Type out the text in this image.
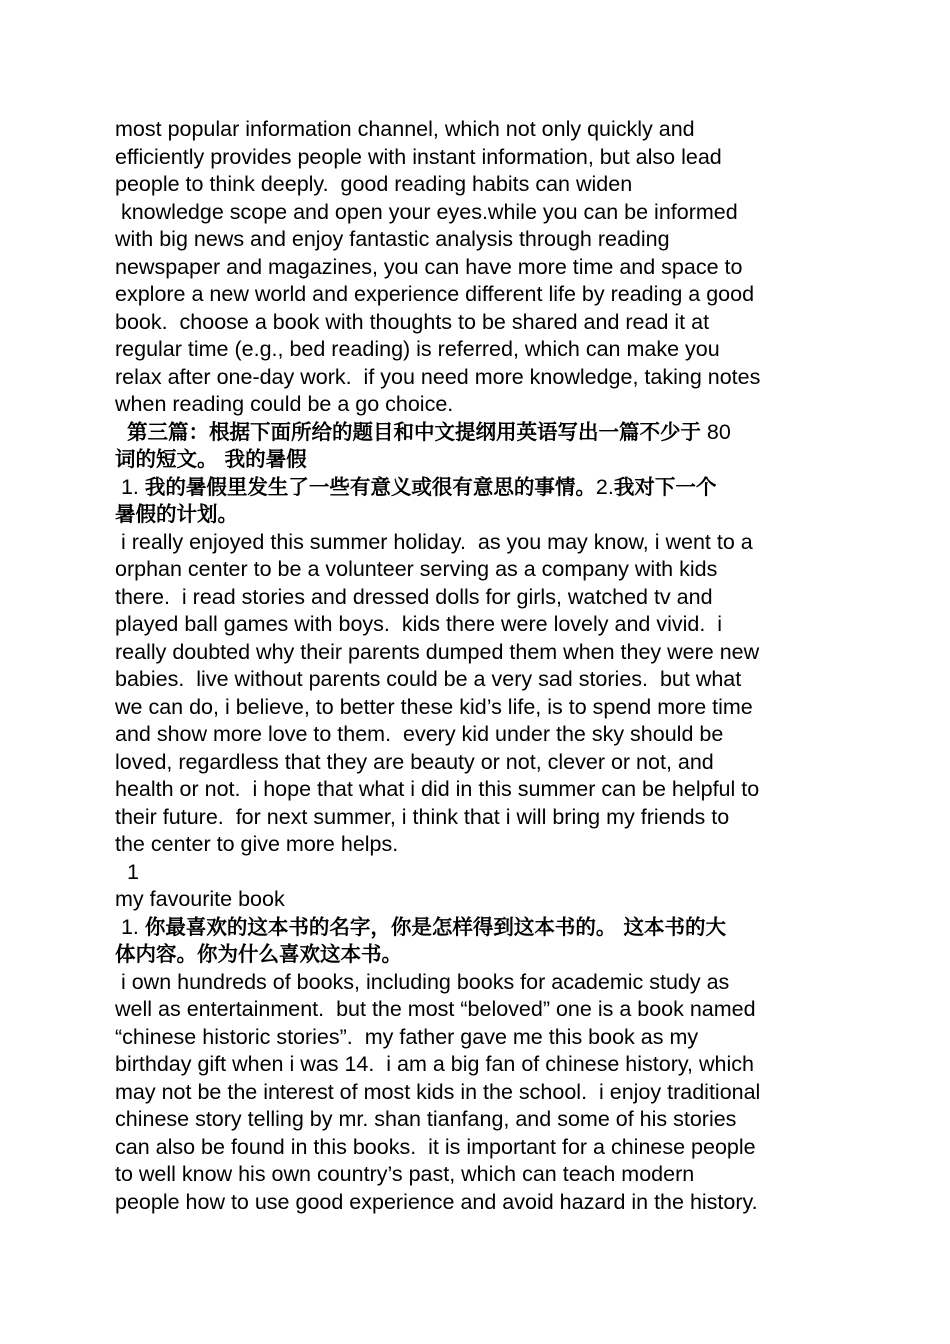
most popular information channel, which not only quickly and
efficiently provides people with instant information, but also lead
people to think deeply.  good reading habits can widen
knowledge scope and open your eyes.while you can be informed
with big news and enjoy fantastic analysis through reading
newspaper and magazines, you can have more time and space to
explore a new world and experience different life by reading a good
book.  choose a book with thoughts to be shared and read it at
regular time (e.g., bed reading) is referred, which can make you
relax after one-day work.  if you need more knowledge, taking notes
when reading could be a go choice.
第三篇：根据下面所给的题目和中文提纲用英语写出一篇不少于 80
词的短文。 我的暑假
1. 我的暑假里发生了一些有意义或很有意思的事情。2.我对下一个
暑假的计划。
i really enjoyed this summer holiday.  as you may know, i went to a
orphan center to be a volunteer serving as a company with kids
there.  i read stories and dressed dolls for girls, watched tv and
played ball games with boys.  kids there were lovely and vivid.  i
really doubted why their parents dumped them when they were new
babies.  live without parents could be a very sad stories.  but what
we can do, i believe, to better these kid’s life, is to spend more time
and show more love to them.  every kid under the sky should be
loved, regardless that they are beauty or not, clever or not, and
health or not.  i hope that what i did in this summer can be helpful to
their future.  for next summer, i think that i will bring my friends to
the center to give more helps.
1
my favourite book
1. 你最喜欢的这本书的名字，你是怎样得到这本书的。 这本书的大
体内容。你为什么喜欢这本书。
i own hundreds of books, including books for academic study as
well as entertainment.  but the most “beloved” one is a book named
“chinese historic stories”.  my father gave me this book as my
birthday gift when i was 14.  i am a big fan of chinese history, which
may not be the interest of most kids in the school.  i enjoy traditional
chinese story telling by mr. shan tianfang, and some of his stories
can also be found in this books.  it is important for a chinese people
to well know his own country’s past, which can teach modern
people how to use good experience and avoid hazard in the history.
